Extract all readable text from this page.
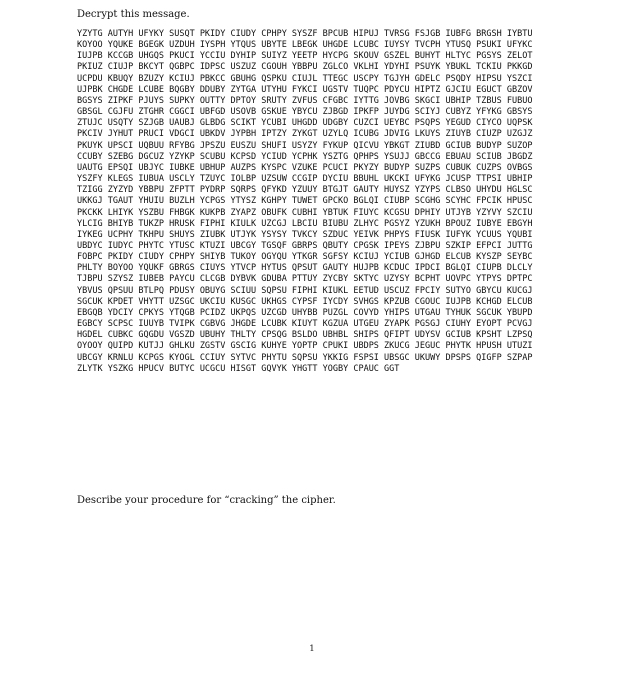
Decrypt this message.
YZYTG AUTYH UFYKY SUSQT PKIDY CIUDY CPHPY SYSZF BPCUB HIPUJ TVRSG FSJGB IUBFG BRGSH IYBTU
KOYOO YQUKE BGEGK UZDUH IYSPH YTQUS UBYTE LBEGK UHGDE LCUBC IUYSY TVCPH YTUSQ PSUKI UFYKC
IUJPB KCCGB UHGQS PKUCI YCCIU DYHIP SUIYZ YEETP HYCPG SKOUV GSZEL BUHYT HLTYC PGSYS ZELOT
PKIUZ CIUJP BKCYT QGBPC IDPSC USZUZ CGOUH YBBPU ZGLCO VKLHI YDYHI PSUYK YBUKL TCKIU PKKGD
UCPDU KBUQY BZUZY KCIUJ PBKCC GBUHG QSPKU CIUJL TTEGC USCPY TGJYH GDELC PSQDY HIPSU YSZCI
UJPBK CHGDE LCUBE BQGBY DDUBY ZYTGA UTYHU FYKCI UGSTV TUQPC PDYCU HIPTZ GJCIU EGUCT GBZOV
BGSYS ZIPKF PJUYS SUPKY OUTTY DPTOY SRUTY ZVFUS CFGBC IYTTG JOVBG SKGCI UBHIP TZBUS FUBUO
GBSGL CGJFU ZTGHR CGGCI UBFGD USOVB GSKUE YBYCU ZJBGD IPKFP JUYDG SCIYJ CUBYZ YFYKG GBSYS
ZTUJC USQTY SZJGB UAUBJ GLBDG SCIKT YCUBI UHGDD UDGBY CUZCI UEYBC PSQPS YEGUD CIYCO UQPSK
PKCIV JYHUT PRUCI VDGCI UBKDV JYPBH IPTZY ZYKGT UZYLQ ICUBG JDVIG LKUYS ZIUYB CIUZP UZGJZ
PKUYK UPSCI UQBUU RFYBG JPSZU EUSZU SHUFI USYZY FYKUP QICVU YBKGT ZIUBD GCIUB BUDYP SUZOP
CCUBY SZEBG DGCUZ YZYKP SCUBU KCPSD YCIUD YCPHK YSZTG QPHPS YSUJJ GBCCG EBUAU SCIUB JBGDZ
UAUTG EPSQI UBJYC IUBKE UBHUP AUZPS KYSPC VZUKE PCUCI PKYZY BUDYP SUZPS CUBUK CUZPS OVBGS
YSZFY KLEGS IUBUA USCLY TZUYC IOLBP UZSUW CCGIP DYCIU BBUHL UKCKI UFYKG JCUSP TTPSI UBHIP
TZIGG ZYZYD YBBPU ZFPTT PYDRP SQRPS QFYKD YZUUY BTGJT GAUTY HUYSZ YZYPS CLBSO UHYDU HGLSC
UKKGJ TGAUT YHUIU BUZLH YCPGS YTYSZ KGHPY TUWET GPCKO BGLQI CIUBP SCGHG SCYHC FPCIK HPUSC
PKCKK LHIYK YSZBU FHBGK KUKPB ZYAPZ OBUFK CUBHI YBTUK FIUYC KCGSU DPHIY UTJYB YZYVY SZCIU
YLCIG BHIYB TUKZP HRUSK FIPHI KIULK UZCGJ LBCIU BIUBU ZLHYC PGSYZ YZUKH BPOUZ IUBYE EBGYH
IYKEG UCPHY TKHPU SHUYS ZIUBK UTJYK YSYSY TVKCY SZDUC YEIVK PHPYS FIUSK IUFYK YCUUS YQUBI
UBDYC IUDYC PHYTC YTUSC KTUZI UBCGY TGSQF GBRPS QBUTY CPGSK IPEYS ZJBPU SZKIP EFPCI JUTTG
FOBPC PKIDY CIUDY CPHPY SHIYB TUKOY OGYQU YTKGR SGFSY KCIUJ YCIUB GJHGD ELCUB KYSZP SEYBC
PHLTY BOYOO YQUKF GBRGS CIUYS YTVCP HYTUS QPSUT GAUTY HUJPB KCDUC IPDCI BGLQI CIUPB DLCLY
TJBPU SZYSZ IUBEB PAYCU CLCGB DYBVK GDUBA PTTUY ZYCBY SKTYC UZYSY BCPHT UOVPC YTPYS DPTPC
YBVUS QPSUU BTLPQ PDUSY OBUYG SCIUU SQPSU FIPHI KIUKL EETUD USCUZ FPCIY SUTYO GBYCU KUCGJ
SGCUK KPDET VHYTT UZSGC UKCIU KUSGC UKHGS CYPSF IYCDY SVHGS KPZUB CGOUC IUJPB KCHGD ELCUB
EBGQB YDCIY CPKYS YTQGB PCIDZ UKPQS UZCGD UHYBB PUZGL COVYD YHIPS UTGAU TYHUK SGCUK YBUPD
EGBCY SCPSC IUUYB TVIPK CGBVG JHGDE LCUBK KIUYT KGZUA UTGEU ZYAPK PGSGJ CIUHY EYOPT PCVGJ
HGDEL CUBKC GQGDU VGSZD UBUHY THLTY CPSQG BSLDO UBHBL SHIPS QFIPT UDYSV GCIUB KPSHT LZPSQ
OYOOY QUIPD KUTJJ GHLKU ZGSTV GSCIG KUHYE YOPTP CPUKI UBDPS ZKUCG JEGUC PHYTK HPUSH UTUZI
UBCGY KRNLU KCPGS KYOGL CCIUY SYTVC PHYTU SQPSU YKKIG FSPSI UBSGC UKUWY DPSPS QIGFP SZPAP
ZLYTK YSZKG HPUCV BUTYC UCGCU HISGT GQVYK YHGTT YOGBY CPAUC GGT
Describe your procedure for “cracking” the cipher.
1
